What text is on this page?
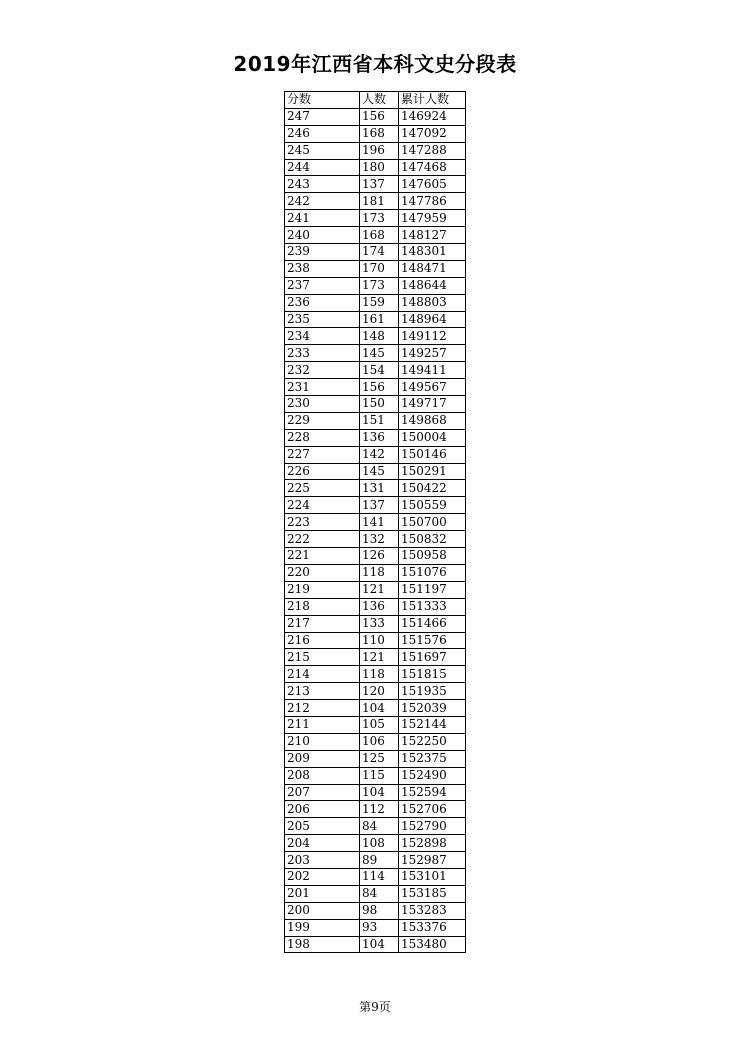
2019年江西省本科文史分段表
分数	人数	累计人数
247	156	146924
246	168	147092
245	196	147288
244	180	147468
243	137	147605
242	181	147786
241	173	147959
240	168	148127
239	174	148301
238	170	148471
237	173	148644
236	159	148803
235	161	148964
234	148	149112
233	145	149257
232	154	149411
231	156	149567
230	150	149717
229	151	149868
228	136	150004
227	142	150146
226	145	150291
225	131	150422
224	137	150559
223	141	150700
222	132	150832
221	126	150958
220	118	151076
219	121	151197
218	136	151333
217	133	151466
216	110	151576
215	121	151697
214	118	151815
213	120	151935
212	104	152039
211	105	152144
210	106	152250
209	125	152375
208	115	152490
207	104	152594
206	112	152706
205	84	152790
204	108	152898
203	89	152987
202	114	153101
201	84	153185
200	98	153283
199	93	153376
198	104	153480
第9页
